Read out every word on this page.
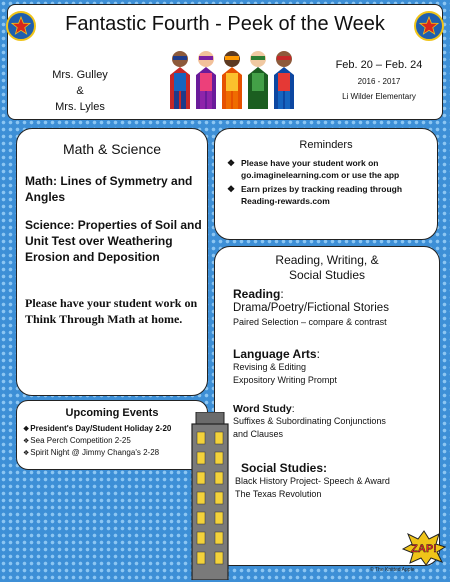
Fantastic Fourth - Peek of the Week
Mrs. Gulley
&
Mrs. Lyles
Feb. 20 – Feb. 24
2016 - 2017
Li Wilder Elementary
Math & Science

Math: Lines of Symmetry and Angles

Science: Properties of Soil and Unit Test over Weathering Erosion and Deposition

Please have your student work on Think Through Math at home.

Reminders
❖ Please have your student work on go.imaginelearning.com or use the app
❖ Earn prizes by tracking reading through Reading-rewards.com
Reading, Writing, &
Social Studies
Reading:
Drama/Poetry/Fictional Stories
Paired Selection – compare & contrast
Language Arts:
Revising & Editing
Expository Writing Prompt
Word Study:
Suffixes & Subordinating Conjunctions
and Clauses
Social Studies:
Black History Project- Speech & Award
The Texas Revolution
Upcoming Events
❖President's Day/Student Holiday 2-20
❖Sea Perch Competition 2-25
❖Spirit Night @ Jimmy Changa's 2-28
ZAP!
© The Knitted Apple
